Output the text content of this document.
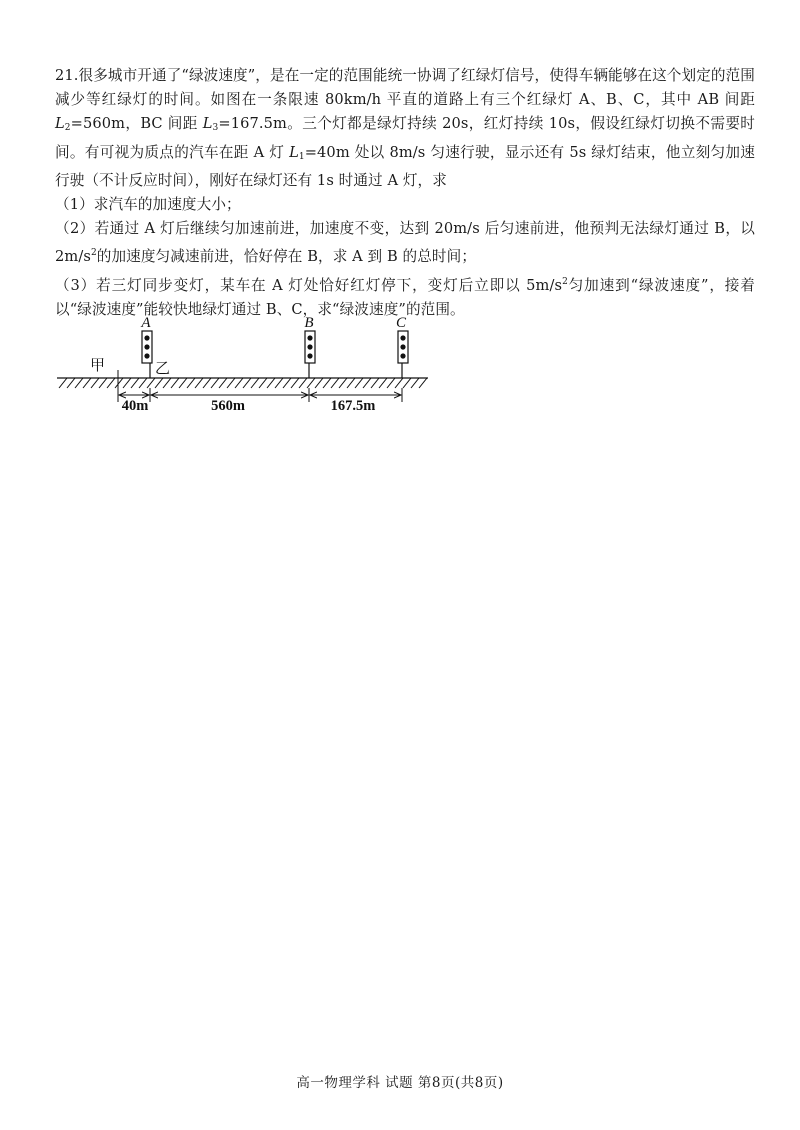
21.很多城市开通了“绿波速度”，是在一定的范围能统一协调了红绿灯信号，使得车辆能够在这个划定的范围减少等红绿灯的时间。如图在一条限速 80km/h 平直的道路上有三个红绿灯 A、B、C，其中 AB 间距 $L_2=560m$，BC 间距 $L_3=167.5m$。三个灯都是绿灯持续 20s，红灯持续 10s，假设红绿灯切换不需要时间。有可视为质点的汽车在距 A 灯 $L_1=40m$ 处以 8m/s 匀速行驶，显示还有 5s 绿灯结束，他立刻匀加速行驶（不计反应时间），刚好在绿灯还有 1s 时通过 A 灯，求

（1）求汽车的加速度大小；

（2）若通过 A 灯后继续匀加速前进，加速度不变，达到 20m/s 后匀速前进，他预判无法绿灯通过 B，以 $2m/s^2$的加速度匀减速前进，恰好停在 B，求 A 到 B 的总时间；

（3）若三灯同步变灯，某车在 A 灯处恰好红灯停下，变灯后立即以 $5m/s^2$匀加速到“绿波速度”，接着以“绿波速度”能较快地绿灯通过 B、C，求“绿波速度”的范围。

A	B	C
甲	乙
40m	560m	167.5m
高一物理学科 试题 第8页(共8页)
